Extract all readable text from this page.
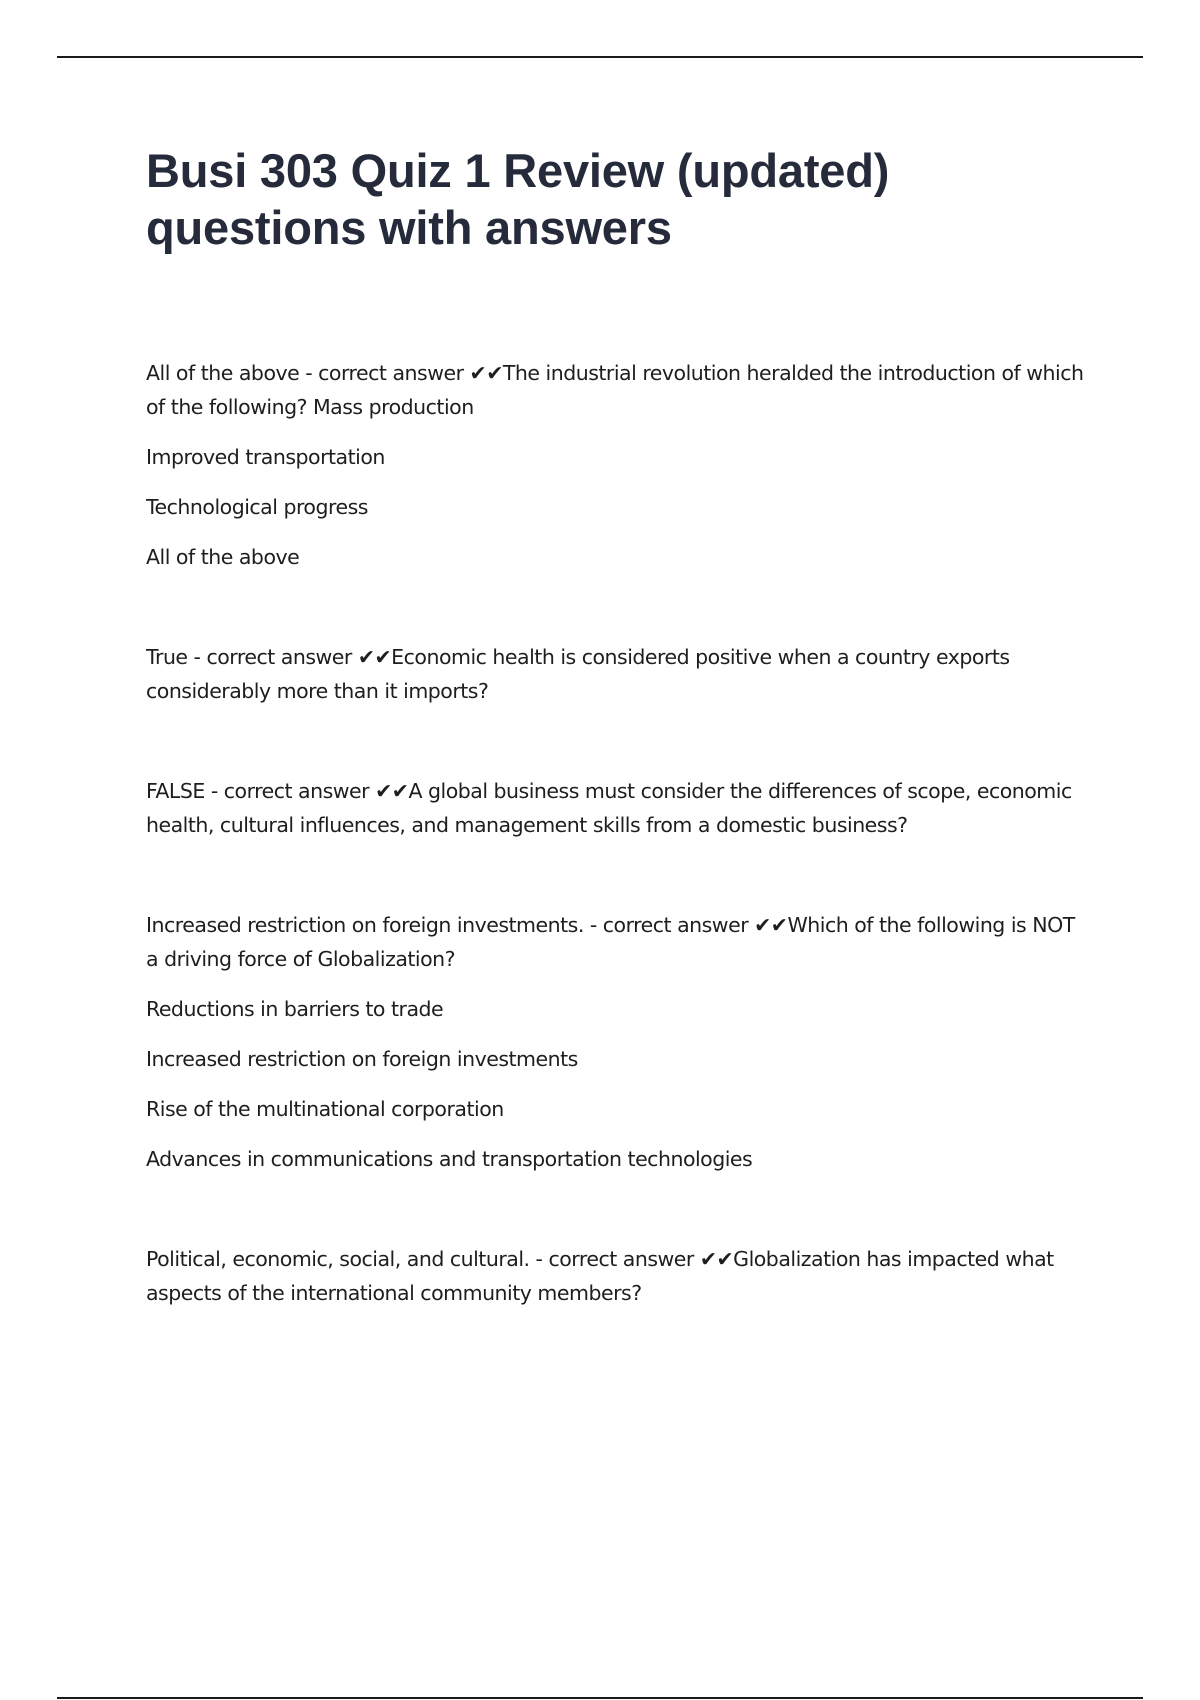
Busi 303 Quiz 1 Review (updated)
questions with answers

All of the above - correct answer ✔✔The industrial revolution heralded the introduction of which of the following? Mass production

Improved transportation

Technological progress

All of the above

True - correct answer ✔✔Economic health is considered positive when a country exports considerably more than it imports?

FALSE - correct answer ✔✔A global business must consider the differences of scope, economic health, cultural influences, and management skills from a domestic business?

Increased restriction on foreign investments. - correct answer ✔✔Which of the following is NOT a driving force of Globalization?

Reductions in barriers to trade

Increased restriction on foreign investments

Rise of the multinational corporation

Advances in communications and transportation technologies

Political, economic, social, and cultural. - correct answer ✔✔Globalization has impacted what aspects of the international community members?
